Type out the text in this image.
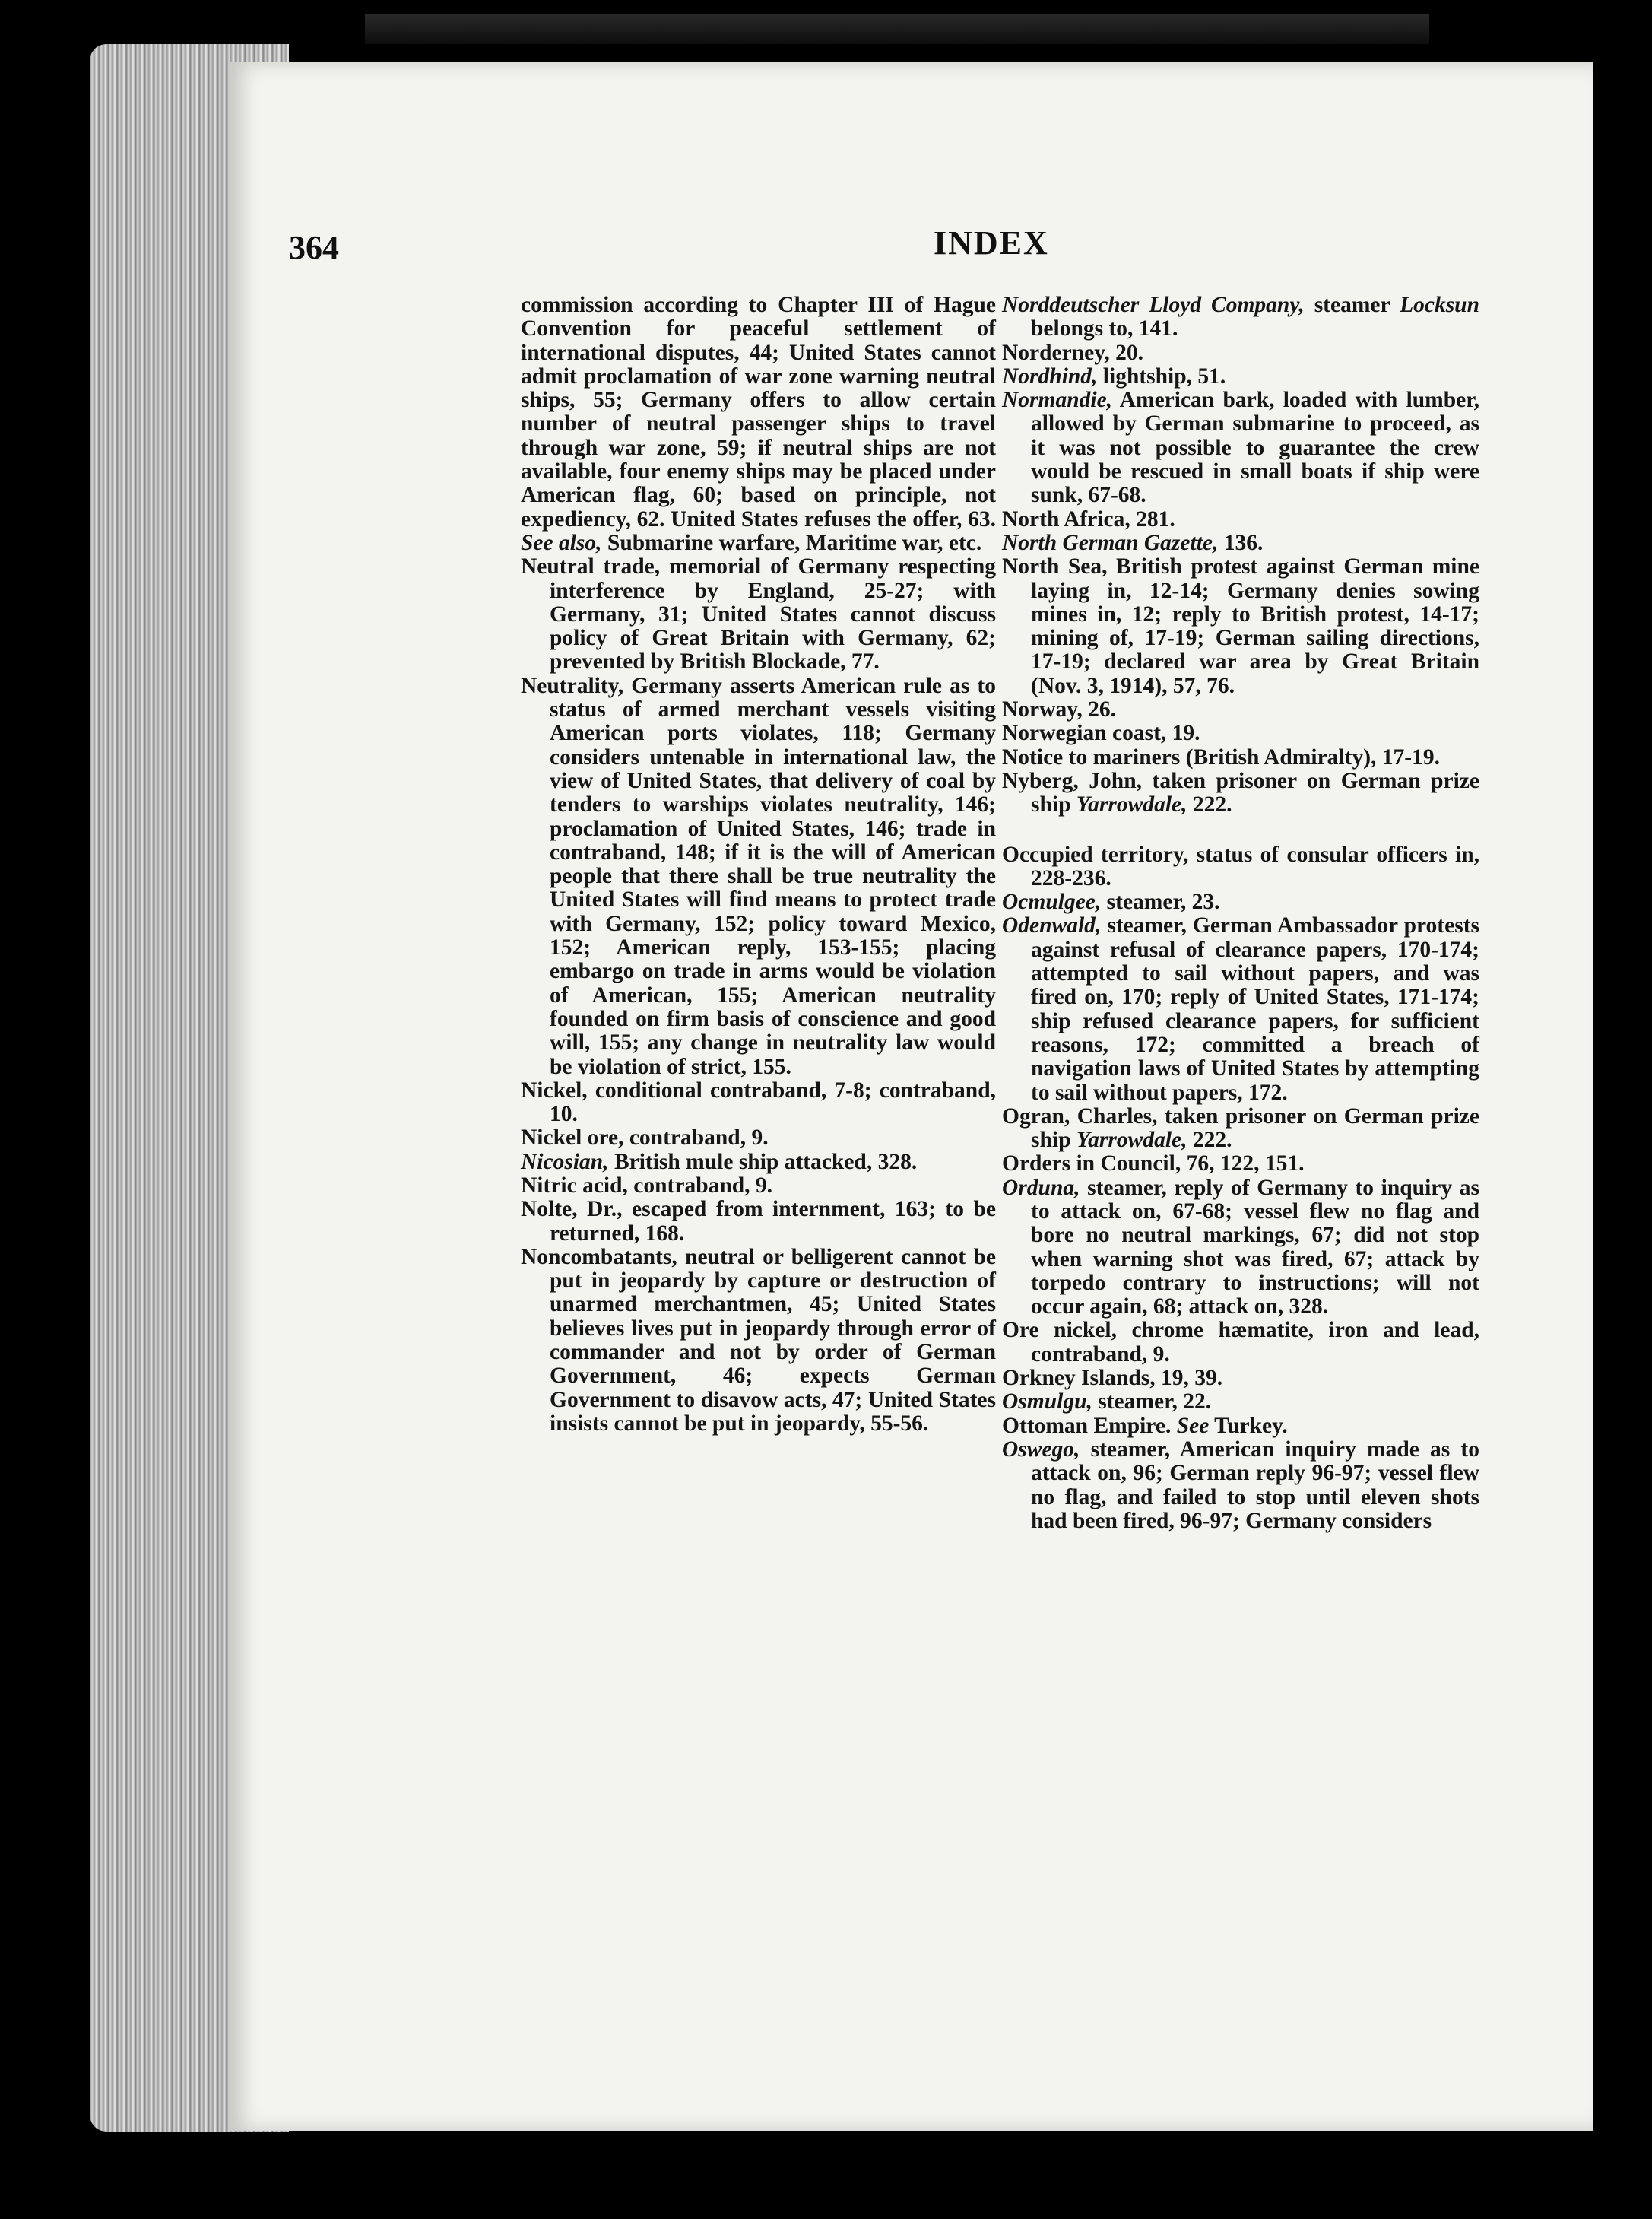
364	INDEX

commission according to Chapter III of Hague Convention for peaceful settlement of international disputes, 44; United States cannot admit proclamation of war zone warning neutral ships, 55; Germany offers to allow certain number of neutral passenger ships to travel through war zone, 59; if neutral ships are not available, four enemy ships may be placed under American flag, 60; based on principle, not expediency, 62. United States refuses the offer, 63. See also, Submarine warfare, Maritime war, etc.

Neutral trade, memorial of Germany respecting interference by England, 25-27; with Germany, 31; United States cannot discuss policy of Great Britain with Germany, 62; prevented by British Blockade, 77.

Neutrality, Germany asserts American rule as to status of armed merchant vessels visiting American ports violates, 118; Germany considers untenable in international law, the view of United States, that delivery of coal by tenders to warships violates neutrality, 146; proclamation of United States, 146; trade in contraband, 148; if it is the will of American people that there shall be true neutrality the United States will find means to protect trade with Germany, 152; policy toward Mexico, 152; American reply, 153-155; placing embargo on trade in arms would be violation of American, 155; American neutrality founded on firm basis of conscience and good will, 155; any change in neutrality law would be violation of strict, 155.

Nickel, conditional contraband, 7-8; contraband, 10.

Nickel ore, contraband, 9.

Nicosian, British mule ship attacked, 328.

Nitric acid, contraband, 9.

Nolte, Dr., escaped from internment, 163; to be returned, 168.

Noncombatants, neutral or belligerent cannot be put in jeopardy by capture or destruction of unarmed merchantmen, 45; United States believes lives put in jeopardy through error of commander and not by order of German Government, 46; expects German Government to disavow acts, 47; United States insists cannot be put in jeopardy, 55-56.

Norddeutscher Lloyd Company, steamer Locksun belongs to, 141.

Norderney, 20.

Nordhind, lightship, 51.

Normandie, American bark, loaded with lumber, allowed by German submarine to proceed, as it was not possible to guarantee the crew would be rescued in small boats if ship were sunk, 67-68.

North Africa, 281.

North German Gazette, 136.

North Sea, British protest against German mine laying in, 12-14; Germany denies sowing mines in, 12; reply to British protest, 14-17; mining of, 17-19; German sailing directions, 17-19; declared war area by Great Britain (Nov. 3, 1914), 57, 76.

Norway, 26.

Norwegian coast, 19.

Notice to mariners (British Admiralty), 17-19.

Nyberg, John, taken prisoner on German prize ship Yarrowdale, 222.

Occupied territory, status of consular officers in, 228-236.

Ocmulgee, steamer, 23.

Odenwald, steamer, German Ambassador protests against refusal of clearance papers, 170-174; attempted to sail without papers, and was fired on, 170; reply of United States, 171-174; ship refused clearance papers, for sufficient reasons, 172; committed a breach of navigation laws of United States by attempting to sail without papers, 172.

Ogran, Charles, taken prisoner on German prize ship Yarrowdale, 222.

Orders in Council, 76, 122, 151.

Orduna, steamer, reply of Germany to inquiry as to attack on, 67-68; vessel flew no flag and bore no neutral markings, 67; did not stop when warning shot was fired, 67; attack by torpedo contrary to instructions; will not occur again, 68; attack on, 328.

Ore nickel, chrome hæmatite, iron and lead, contraband, 9.

Orkney Islands, 19, 39.

Osmulgu, steamer, 22.

Ottoman Empire. See Turkey.

Oswego, steamer, American inquiry made as to attack on, 96; German reply 96-97; vessel flew no flag, and failed to stop until eleven shots had been fired, 96-97; Germany considers
